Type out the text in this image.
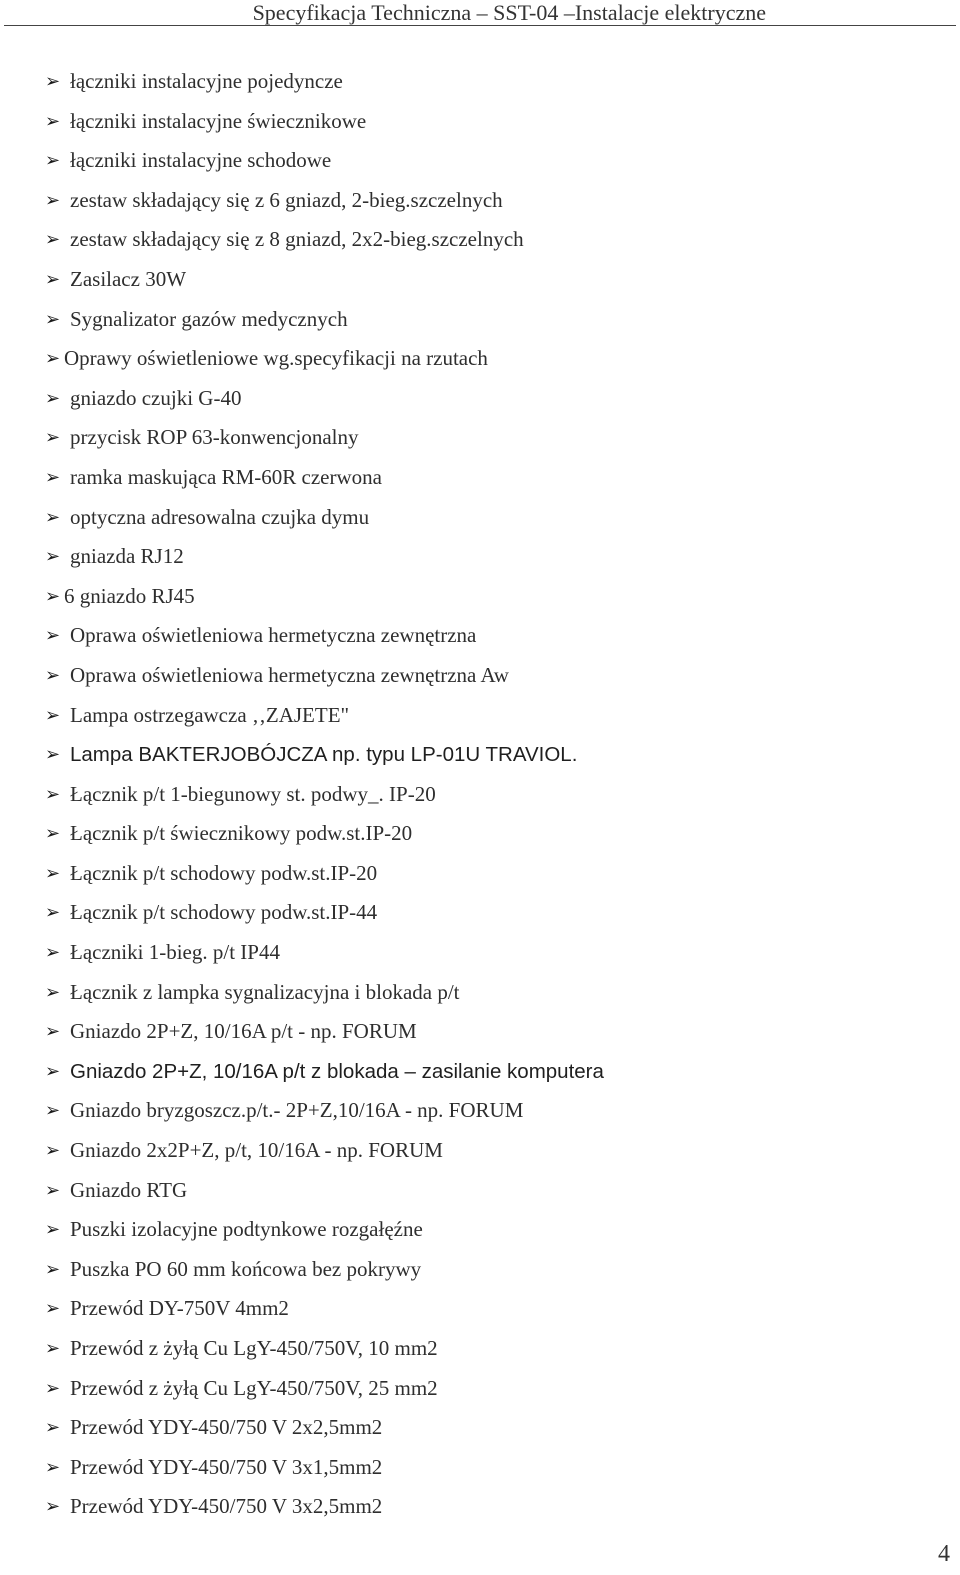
Specyfikacja Techniczna – SST-04 –Instalacje elektryczne
➢ łączniki instalacyjne pojedyncze
➢ łączniki instalacyjne świecznikowe
➢ łączniki instalacyjne schodowe
➢ zestaw składający się z 6 gniazd, 2-bieg.szczelnych
➢ zestaw składający się z 8 gniazd, 2x2-bieg.szczelnych
➢ Zasilacz 30W
➢ Sygnalizator gazów medycznych
➢ Oprawy oświetleniowe wg.specyfikacji na rzutach
➢ gniazdo czujki G-40
➢ przycisk ROP 63-konwencjonalny
➢ ramka maskująca RM-60R czerwona
➢ optyczna adresowalna czujka dymu
➢ gniazda RJ12
➢ 6 gniazdo RJ45
➢ Oprawa oświetleniowa hermetyczna zewnętrzna
➢ Oprawa oświetleniowa hermetyczna zewnętrzna Aw
➢ Lampa ostrzegawcza ‚‚ZAJETE"
➢ Lampa BAKTERJOBÓJCZA np. typu LP-01U TRAVIOL.
➢ Łącznik p/t 1-biegunowy st. podwy_. IP-20
➢ Łącznik p/t świecznikowy podw.st.IP-20
➢ Łącznik p/t schodowy podw.st.IP-20
➢ Łącznik p/t schodowy podw.st.IP-44
➢ Łączniki 1-bieg. p/t IP44
➢ Łącznik z lampka sygnalizacyjna i blokada p/t
➢ Gniazdo 2P+Z, 10/16A p/t - np. FORUM
➢ Gniazdo 2P+Z, 10/16A p/t z blokada – zasilanie komputera
➢ Gniazdo bryzgoszcz.p/t.- 2P+Z,10/16A - np. FORUM
➢ Gniazdo 2x2P+Z, p/t, 10/16A - np. FORUM
➢ Gniazdo RTG
➢ Puszki izolacyjne podtynkowe rozgałęźne
➢ Puszka PO 60 mm końcowa bez pokrywy
➢ Przewód DY-750V 4mm2
➢ Przewód z żyłą Cu LgY-450/750V, 10 mm2
➢ Przewód z żyłą Cu LgY-450/750V, 25 mm2
➢ Przewód YDY-450/750 V 2x2,5mm2
➢ Przewód YDY-450/750 V 3x1,5mm2
➢ Przewód YDY-450/750 V 3x2,5mm2
4
